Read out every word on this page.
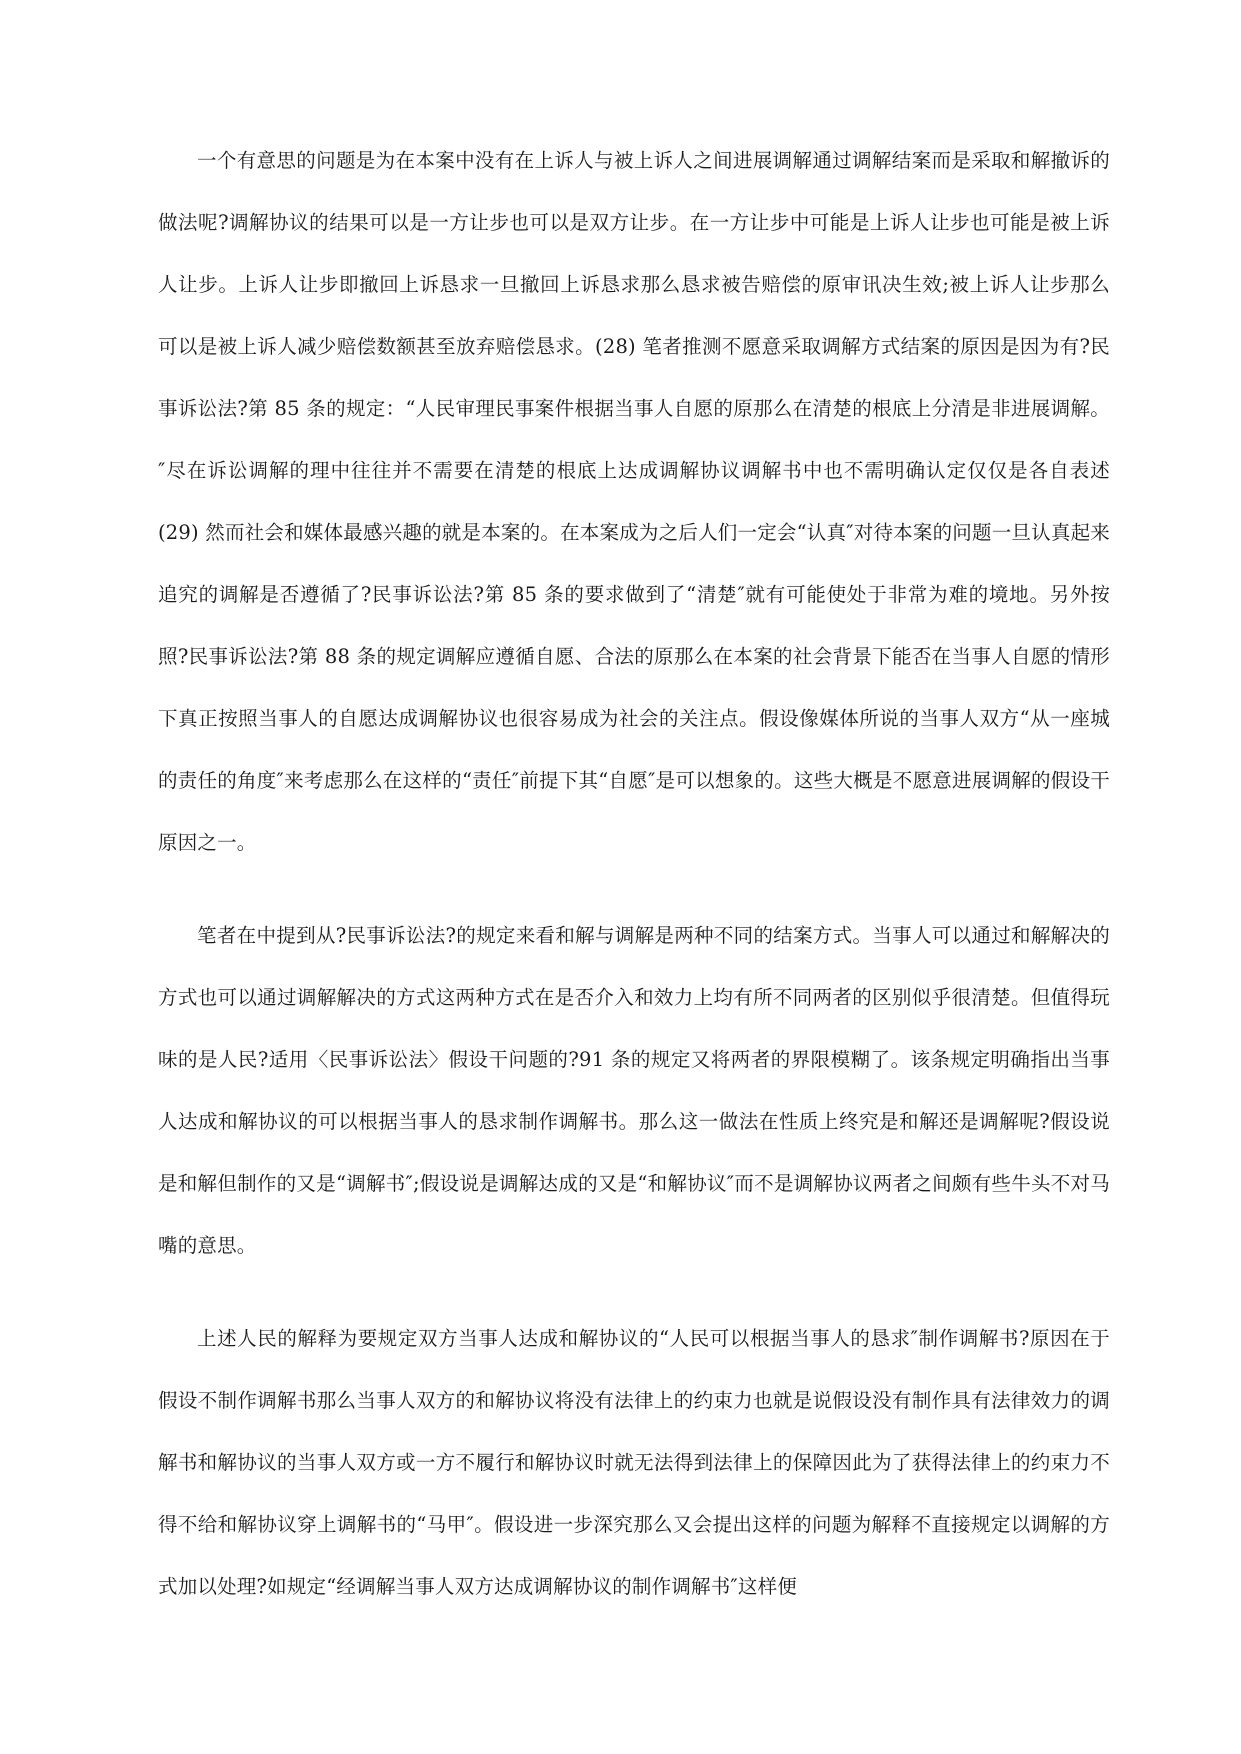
一个有意思的问题是为在本案中没有在上诉人与被上诉人之间进展调解通过调解结案而是采取和解撤诉的做法呢?调解协议的结果可以是一方让步也可以是双方让步。在一方让步中可能是上诉人让步也可能是被上诉人让步。上诉人让步即撤回上诉恳求一旦撤回上诉恳求那么恳求被告赔偿的原审讯决生效;被上诉人让步那么可以是被上诉人减少赔偿数额甚至放弃赔偿恳求。(28) 笔者推测不愿意采取调解方式结案的原因是因为有?民事诉讼法?第 85 条的规定：“人民审理民事案件根据当事人自愿的原那么在清楚的根底上分清是非进展调解。″尽在诉讼调解的理中往往并不需要在清楚的根底上达成调解协议调解书中也不需明确认定仅仅是各自表述(29) 然而社会和媒体最感兴趣的就是本案的。在本案成为之后人们一定会“认真″对待本案的问题一旦认真起来追究的调解是否遵循了?民事诉讼法?第 85 条的要求做到了“清楚″就有可能使处于非常为难的境地。另外按照?民事诉讼法?第 88 条的规定调解应遵循自愿、合法的原那么在本案的社会背景下能否在当事人自愿的情形下真正按照当事人的自愿达成调解协议也很容易成为社会的关注点。假设像媒体所说的当事人双方“从一座城的责任的角度″来考虑那么在这样的“责任″前提下其“自愿″是可以想象的。这些大概是不愿意进展调解的假设干原因之一。

笔者在中提到从?民事诉讼法?的规定来看和解与调解是两种不同的结案方式。当事人可以通过和解解决的方式也可以通过调解解决的方式这两种方式在是否介入和效力上均有所不同两者的区别似乎很清楚。但值得玩味的是人民?适用〈民事诉讼法〉假设干问题的?91 条的规定又将两者的界限模糊了。该条规定明确指出当事人达成和解协议的可以根据当事人的恳求制作调解书。那么这一做法在性质上终究是和解还是调解呢?假设说是和解但制作的又是“调解书″;假设说是调解达成的又是“和解协议″而不是调解协议两者之间颇有些牛头不对马嘴的意思。

上述人民的解释为要规定双方当事人达成和解协议的“人民可以根据当事人的恳求″制作调解书?原因在于假设不制作调解书那么当事人双方的和解协议将没有法律上的约束力也就是说假设没有制作具有法律效力的调解书和解协议的当事人双方或一方不履行和解协议时就无法得到法律上的保障因此为了获得法律上的约束力不得不给和解协议穿上调解书的“马甲″。假设进一步深究那么又会提出这样的问题为解释不直接规定以调解的方式加以处理?如规定“经调解当事人双方达成调解协议的制作调解书″这样便
